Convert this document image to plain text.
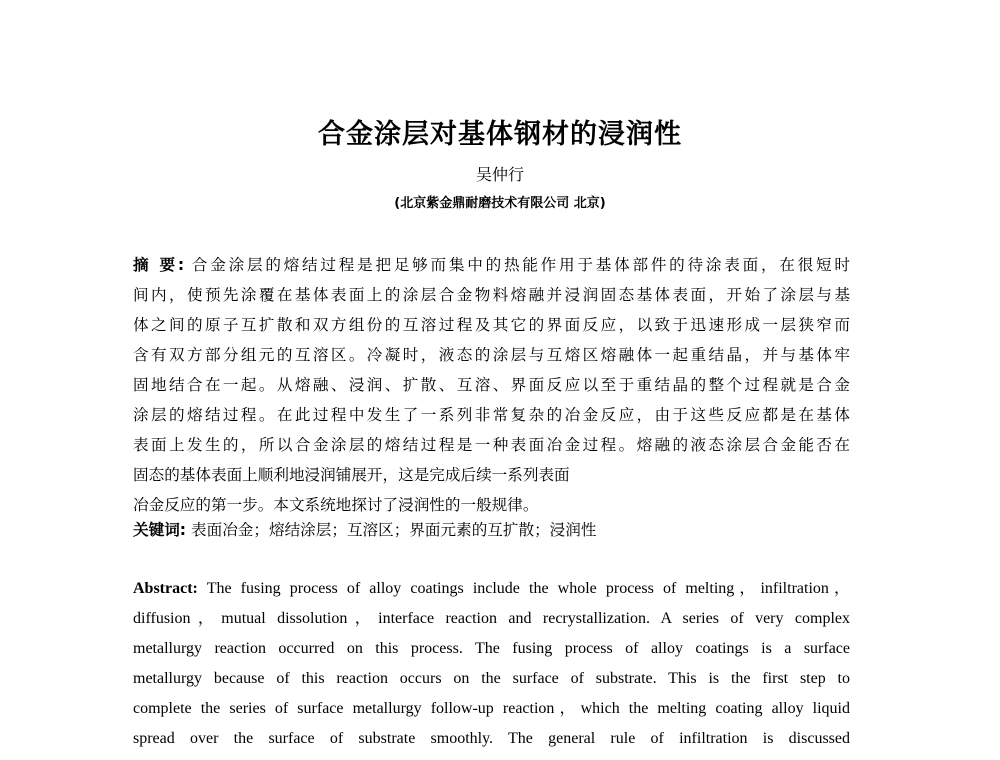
合金涂层对基体钢材的浸润性
吴仲行
(北京紫金鼎耐磨技术有限公司 北京)
摘 要: 合金涂层的熔结过程是把足够而集中的热能作用于基体部件的待涂表面，在很短时
间内，使预先涂覆在基体表面上的涂层合金物料熔融并浸润固态基体表面，开始了涂层与基
体之间的原子互扩散和双方组份的互溶过程及其它的界面反应，以致于迅速形成一层狭窄而
含有双方部分组元的互溶区。冷凝时，液态的涂层与互熔区熔融体一起重结晶，并与基体牢
固地结合在一起。从熔融、浸润、扩散、互溶、界面反应以至于重结晶的整个过程就是合金
涂层的熔结过程。在此过程中发生了一系列非常复杂的冶金反应，由于这些反应都是在基体
表面上发生的，所以合金涂层的熔结过程是一种表面冶金过程。熔融的液态涂层合金能否在
固态的基体表面上顺利地浸润铺展开，这是完成后续一系列表面
冶金反应的第一步。本文系统地探讨了浸润性的一般规律。
关键词: 表面冶金；熔结涂层；互溶区；界面元素的互扩散；浸润性
Abstract: The fusing process of alloy coatings include the whole process of melting，infiltration，
diffusion，mutual dissolution，interface reaction and recrystallization. A series of very complex
metallurgy reaction occurred on this process. The fusing process of alloy coatings is a surface
metallurgy because of this reaction occurs on the surface of substrate. This is the first step to
complete the series of surface metallurgy follow-up reaction，which the melting coating alloy liquid
spread over the surface of substrate smoothly. The general rule of infiltration is discussed
